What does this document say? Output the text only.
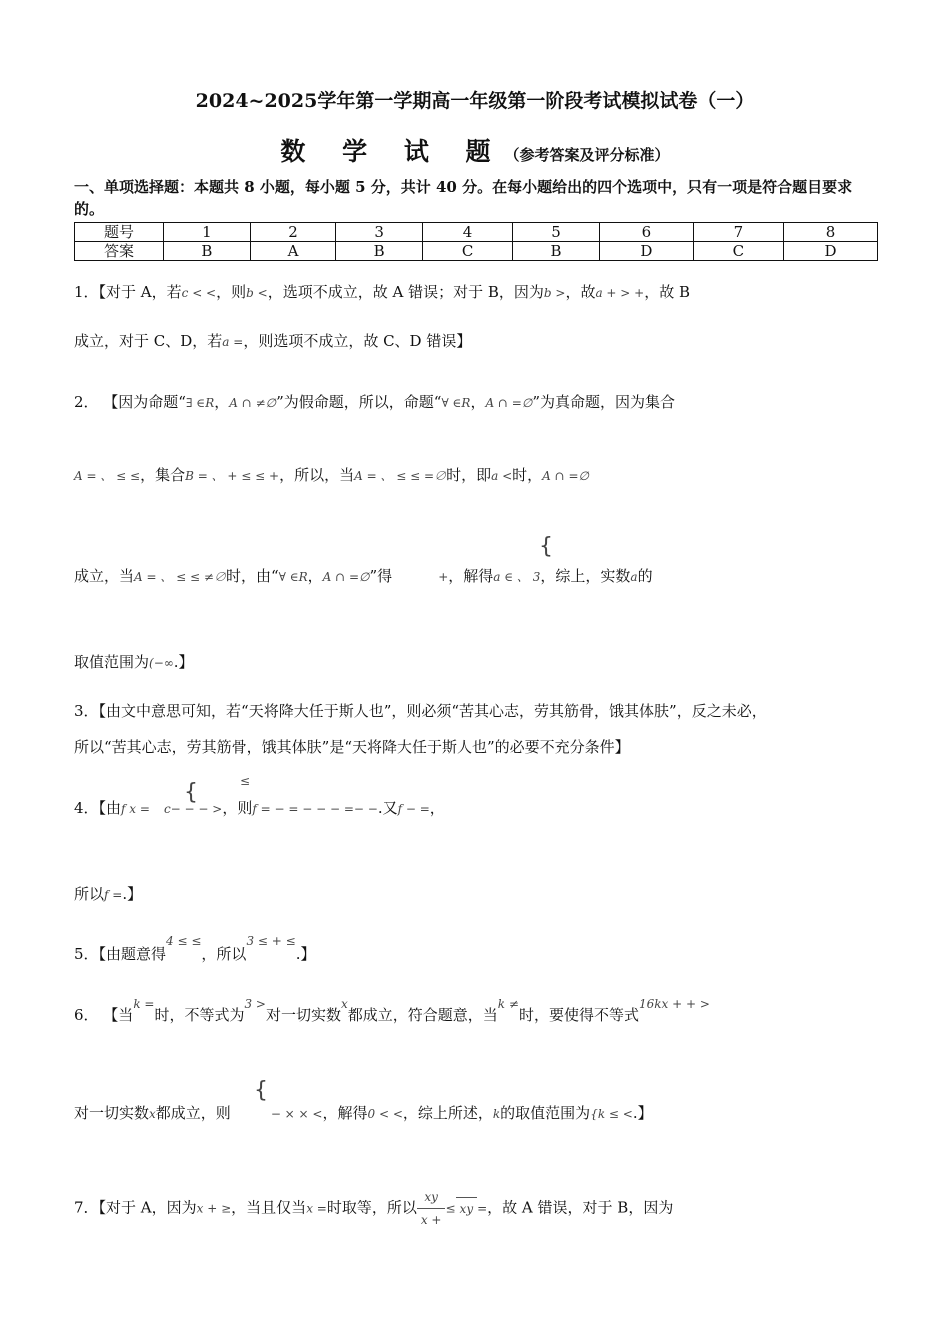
2024~2025学年第一学期高一年级第一阶段考试模拟试卷（一）
数 学 试 题（参考答案及评分标准）
一、单项选择题：本题共 8 小题，每小题 5 分，共计 40 分。在每小题给出的四个选项中，只有一项是符合题目要求的。
题号	1	2	3	4	5	6	7	8
答案	B	A	B	C	B	D	C	D
1．【对于 A，若c < <，则b <，选项不成立，故 A 错误；对于 B，因为b >，故a + > +，故 B
成立，对于 C、D，若a =，则选项不成立，故 C、D 错误】
2． 【因为命题“∃ ∈R，A ∩ ≠∅”为假命题，所以，命题“∀ ∈R，A ∩ =∅”为真命题，因为集合
A = 、 ≤ ≤，集合B = 、 + ≤ ≤ +，所以，当A = 、 ≤ ≤ =∅时，即a <时，A ∩ =∅
{
成立，当A = 、 ≤ ≤ ≠∅时，由“∀ ∈R，A ∩ =∅”得	+，解得a ∈ 、 3，综上，实数a的
取值范围为(−∞.】
3．【由文中意思可知，若“天将降大任于斯人也”，则必须“苦其心志，劳其筋骨，饿其体肤”，反之未必，
所以“苦其心志，劳其筋骨，饿其体肤”是“天将降大任于斯人也”的必要不充分条件】
≤
{
4．【由f x = c− − − >，则f = − = − − − =− −.又f − =，
所以f =.】
5．【由题意得$^{4 \le \le}$，所以$^{3 \le + \le}$.】
6． 【当$^{k =}$时，不等式为$^{3 >}$对一切实数$^x$都成立，符合题意，当$^{k \ne}$时，要使得不等式$^{16kx + + >}$
{
对一切实数x都成立，则	− × × <，解得0 < <，综上所述，k的取值范围为{k ≤ <.】
7．【对于 A，因为x + ≥，当且仅当x =时取等，所以 $\frac{xy}{x +}$ ≤ xy =，故 A 错误，对于 B，因为
